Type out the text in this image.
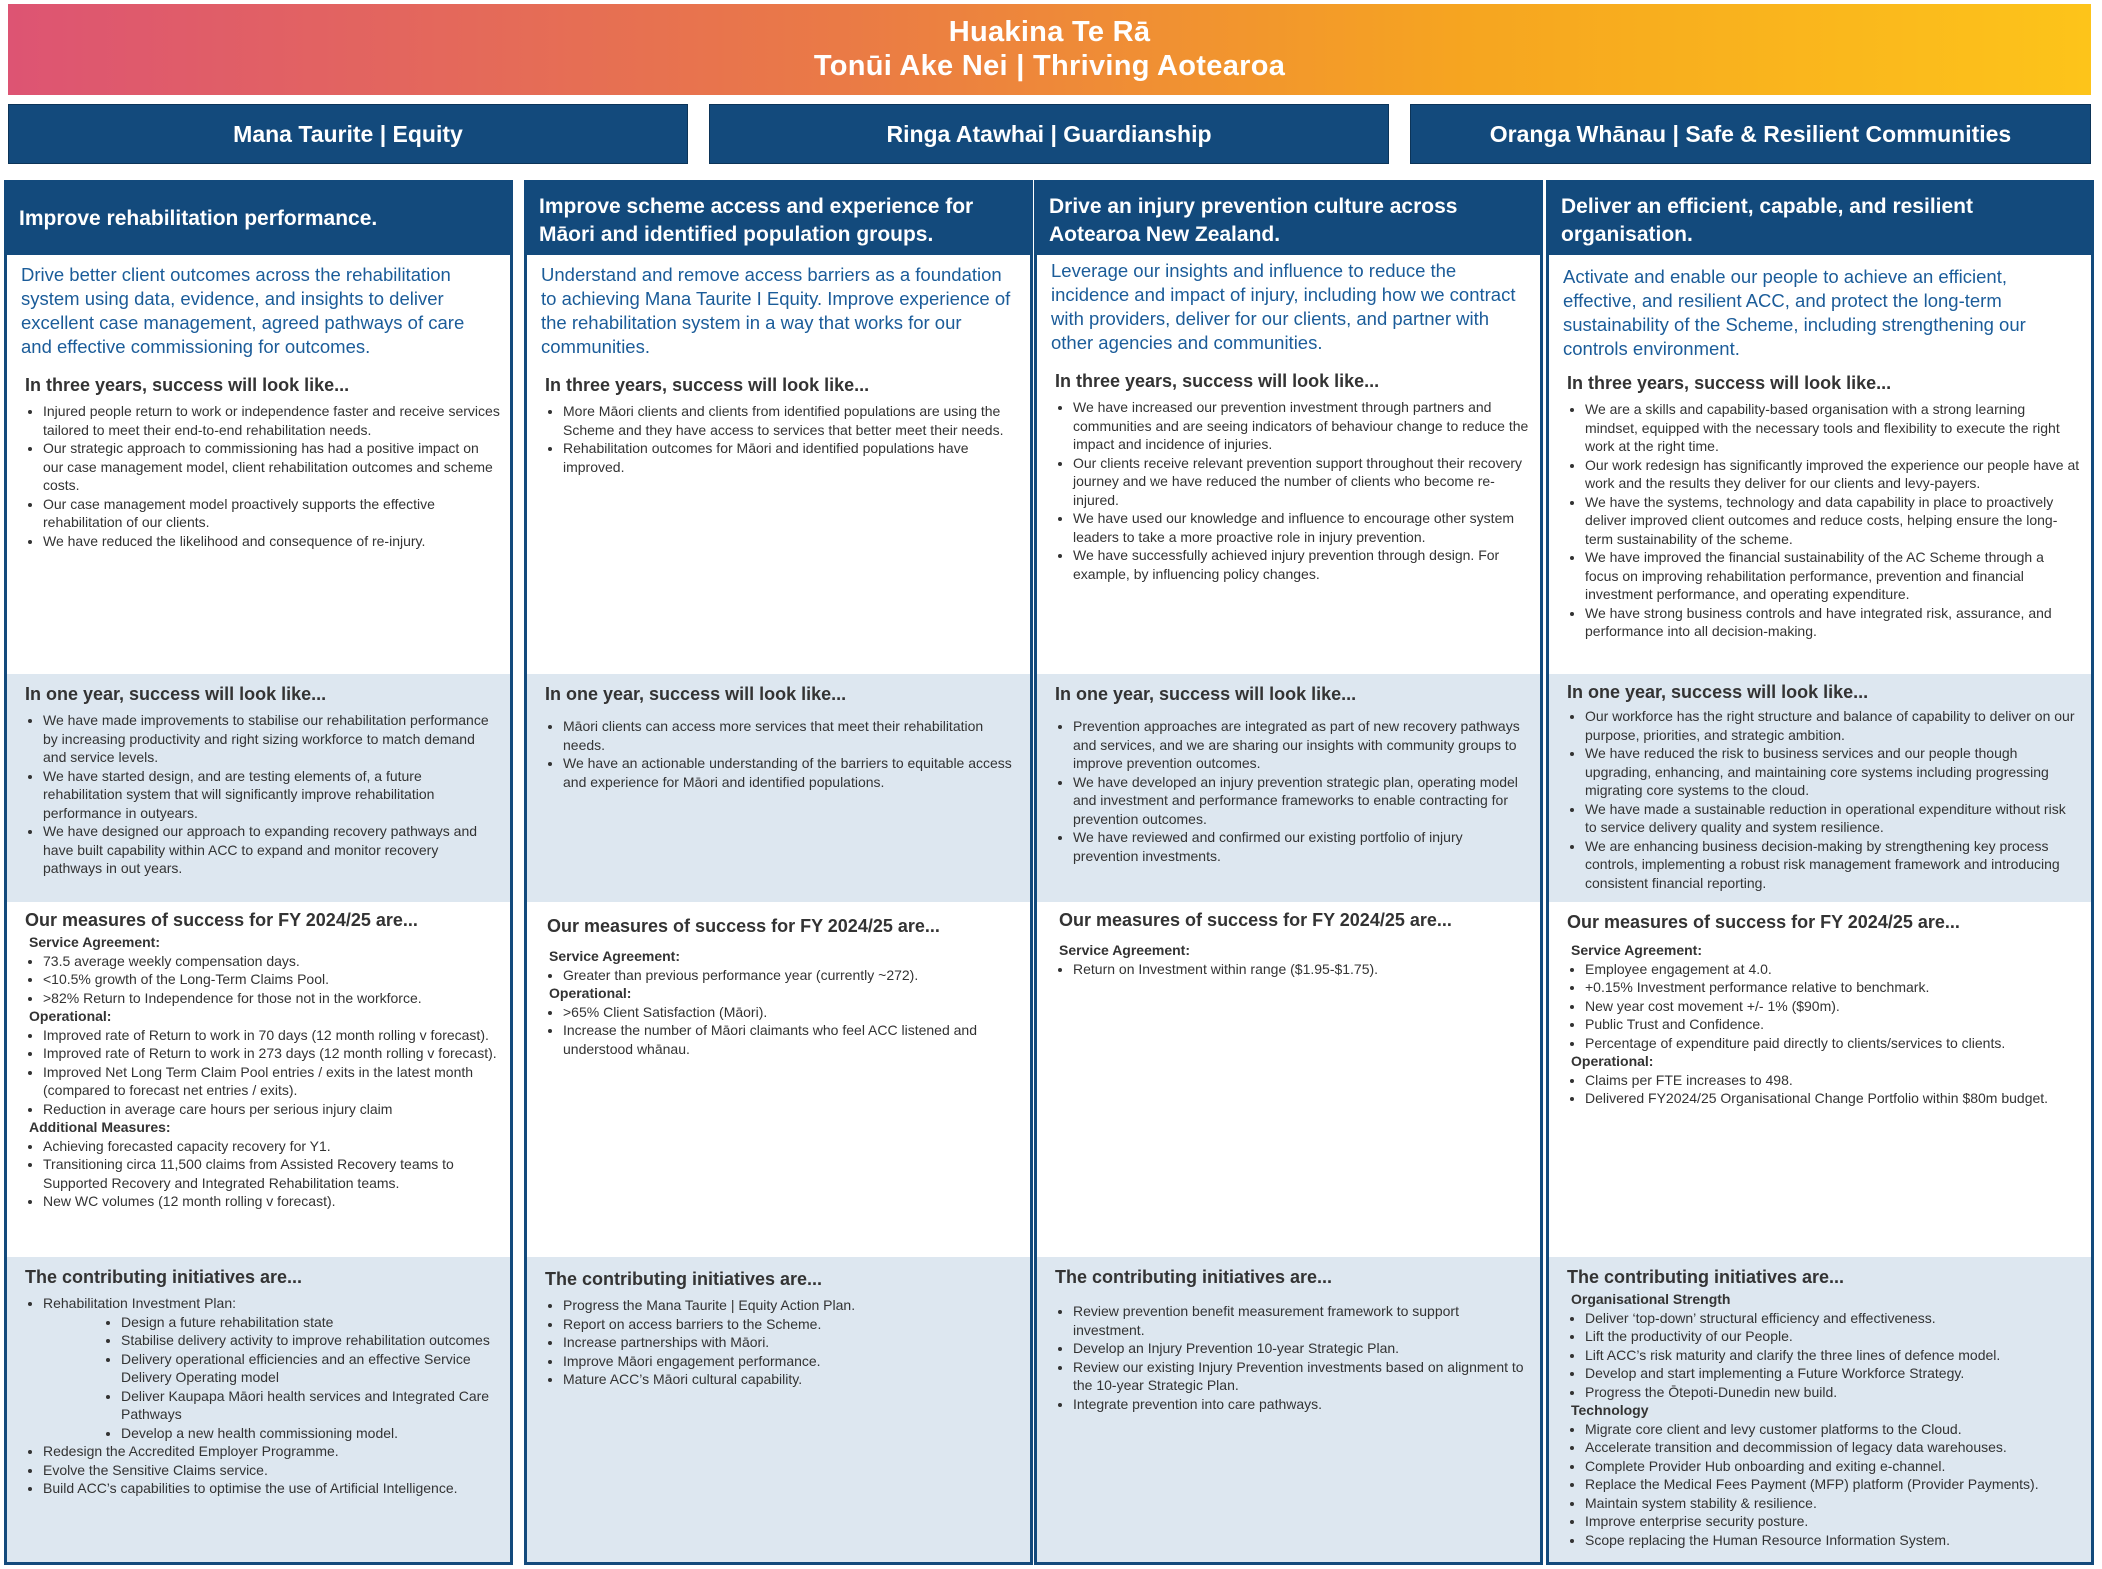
Huakina Te Rā
Tonūi Ake Nei | Thriving Aotearoa
Mana Taurite | Equity	Ringa Atawhai | Guardianship	Oranga Whānau | Safe & Resilient Communities
Improve rehabilitation performance.

Drive better client outcomes across the rehabilitation system using data, evidence, and insights to deliver excellent case management, agreed pathways of care and effective commissioning for outcomes.

In three years, success will look like...
• Injured people return to work or independence faster and receive services tailored to meet their end-to-end rehabilitation needs.
• Our strategic approach to commissioning has had a positive impact on our case management model, client rehabilitation outcomes and scheme costs.
• Our case management model proactively supports the effective rehabilitation of our clients.
• We have reduced the likelihood and consequence of re-injury.
In one year, success will look like...
• We have made improvements to stabilise our rehabilitation performance by increasing productivity and right sizing workforce to match demand and service levels.
• We have started design, and are testing elements of, a future rehabilitation system that will significantly improve rehabilitation performance in outyears.
• We have designed our approach to expanding recovery pathways and have built capability within ACC to expand and monitor recovery pathways in out years.
Our measures of success for FY 2024/25 are...
Service Agreement:
• 73.5 average weekly compensation days.
• <10.5% growth of the Long-Term Claims Pool.
• >82% Return to Independence for those not in the workforce.
Operational:
• Improved rate of Return to work in 70 days (12 month rolling v forecast).
• Improved rate of Return to work in 273 days (12 month rolling v forecast).
• Improved Net Long Term Claim Pool entries / exits in the latest month (compared to forecast net entries / exits).
• Reduction in average care hours per serious injury claim
Additional Measures:
• Achieving forecasted capacity recovery for Y1.
• Transitioning circa 11,500 claims from Assisted Recovery teams to Supported Recovery and Integrated Rehabilitation teams.
• New WC volumes (12 month rolling v forecast).
The contributing initiatives are...
• Rehabilitation Investment Plan:
• Design a future rehabilitation state
• Stabilise delivery activity to improve rehabilitation outcomes
• Delivery operational efficiencies and an effective Service Delivery Operating model
• Deliver Kaupapa Māori health services and Integrated Care Pathways
• Develop a new health commissioning model.
• Redesign the Accredited Employer Programme.
• Evolve the Sensitive Claims service.
• Build ACC’s capabilities to optimise the use of Artificial Intelligence.
Improve scheme access and experience for Māori and identified population groups.

Understand and remove access barriers as a foundation to achieving Mana Taurite I Equity. Improve experience of the rehabilitation system in a way that works for our communities.

In three years, success will look like...
• More Māori clients and clients from identified populations are using the Scheme and they have access to services that better meet their needs.
• Rehabilitation outcomes for Māori and identified populations have improved.
In one year, success will look like...
• Māori clients can access more services that meet their rehabilitation needs.
• We have an actionable understanding of the barriers to equitable access and experience for Māori and identified populations.
Our measures of success for FY 2024/25 are...
Service Agreement:
• Greater than previous performance year (currently ~272).
Operational:
• >65% Client Satisfaction (Māori).
• Increase the number of Māori claimants who feel ACC listened and understood whānau.
The contributing initiatives are...
• Progress the Mana Taurite | Equity Action Plan.
• Report on access barriers to the Scheme.
• Increase partnerships with Māori.
• Improve Māori engagement performance.
• Mature ACC’s Māori cultural capability.
Drive an injury prevention culture across Aotearoa New Zealand.

Leverage our insights and influence to reduce the incidence and impact of injury, including how we contract with providers, deliver for our clients, and partner with other agencies and communities.

In three years, success will look like...
• We have increased our prevention investment through partners and communities and are seeing indicators of behaviour change to reduce the impact and incidence of injuries.
• Our clients receive relevant prevention support throughout their recovery journey and we have reduced the number of clients who become re-injured.
• We have used our knowledge and influence to encourage other system leaders to take a more proactive role in injury prevention.
• We have successfully achieved injury prevention through design. For example, by influencing policy changes.
In one year, success will look like...
• Prevention approaches are integrated as part of new recovery pathways and services, and we are sharing our insights with community groups to improve prevention outcomes.
• We have developed an injury prevention strategic plan, operating model and investment and performance frameworks to enable contracting for prevention outcomes.
• We have reviewed and confirmed our existing portfolio of injury prevention investments.
Our measures of success for FY 2024/25 are...
Service Agreement:
• Return on Investment within range ($1.95-$1.75).
The contributing initiatives are...
• Review prevention benefit measurement framework to support investment.
• Develop an Injury Prevention 10-year Strategic Plan.
• Review our existing Injury Prevention investments based on alignment to the 10-year Strategic Plan.
• Integrate prevention into care pathways.
Deliver an efficient, capable, and resilient organisation.

Activate and enable our people to achieve an efficient, effective, and resilient ACC, and protect the long-term sustainability of the Scheme, including strengthening our controls environment.

In three years, success will look like...
• We are a skills and capability-based organisation with a strong learning mindset, equipped with the necessary tools and flexibility to execute the right work at the right time.
• Our work redesign has significantly improved the experience our people have at work and the results they deliver for our clients and levy-payers.
• We have the systems, technology and data capability in place to proactively deliver improved client outcomes and reduce costs, helping ensure the long-term sustainability of the scheme.
• We have improved the financial sustainability of the AC Scheme through a focus on improving rehabilitation performance, prevention and financial investment performance, and operating expenditure.
• We have strong business controls and have integrated risk, assurance, and performance into all decision-making.
In one year, success will look like...
• Our workforce has the right structure and balance of capability to deliver on our purpose, priorities, and strategic ambition.
• We have reduced the risk to business services and our people though upgrading, enhancing, and maintaining core systems including progressing migrating core systems to the cloud.
• We have made a sustainable reduction in operational expenditure without risk to service delivery quality and system resilience.
• We are enhancing business decision-making by strengthening key process controls, implementing a robust risk management framework and introducing consistent financial reporting.
Our measures of success for FY 2024/25 are...
Service Agreement:
• Employee engagement at 4.0.
• +0.15% Investment performance relative to benchmark.
• New year cost movement +/- 1% ($90m).
• Public Trust and Confidence.
• Percentage of expenditure paid directly to clients/services to clients.
Operational:
• Claims per FTE increases to 498.
• Delivered FY2024/25 Organisational Change Portfolio within $80m budget.
The contributing initiatives are...
Organisational Strength
• Deliver ‘top-down’ structural efficiency and effectiveness.
• Lift the productivity of our People.
• Lift ACC’s risk maturity and clarify the three lines of defence model.
• Develop and start implementing a Future Workforce Strategy.
• Progress the Ōtepoti-Dunedin new build.
Technology
• Migrate core client and levy customer platforms to the Cloud.
• Accelerate transition and decommission of legacy data warehouses.
• Complete Provider Hub onboarding and exiting e-channel.
• Replace the Medical Fees Payment (MFP) platform (Provider Payments).
• Maintain system stability & resilience.
• Improve enterprise security posture.
• Scope replacing the Human Resource Information System.
